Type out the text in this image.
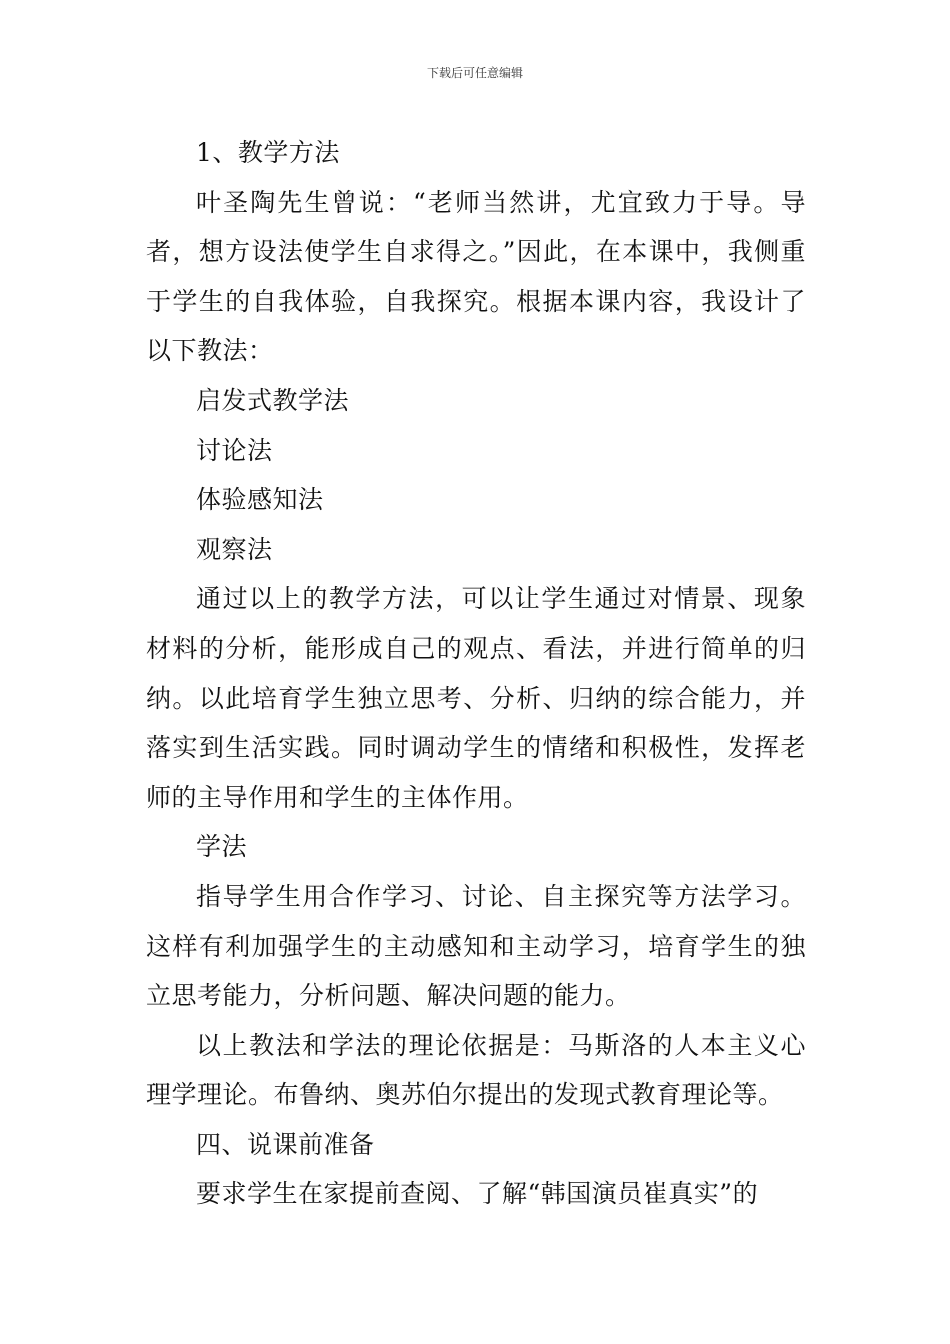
下载后可任意编辑

1、教学方法

叶圣陶先生曾说：“老师当然讲，尤宜致力于导。导者，想方设法使学生自求得之。”因此，在本课中，我侧重于学生的自我体验，自我探究。根据本课内容，我设计了以下教法：

启发式教学法

讨论法

体验感知法

观察法

通过以上的教学方法，可以让学生通过对情景、现象材料的分析，能形成自己的观点、看法，并进行简单的归纳。以此培育学生独立思考、分析、归纳的综合能力，并落实到生活实践。同时调动学生的情绪和积极性，发挥老师的主导作用和学生的主体作用。

学法

指导学生用合作学习、讨论、自主探究等方法学习。这样有利加强学生的主动感知和主动学习，培育学生的独立思考能力，分析问题、解决问题的能力。

以上教法和学法的理论依据是：马斯洛的人本主义心理学理论。布鲁纳、奥苏伯尔提出的发现式教育理论等。

四、说课前准备

要求学生在家提前查阅、了解“韩国演员崔真实”的
